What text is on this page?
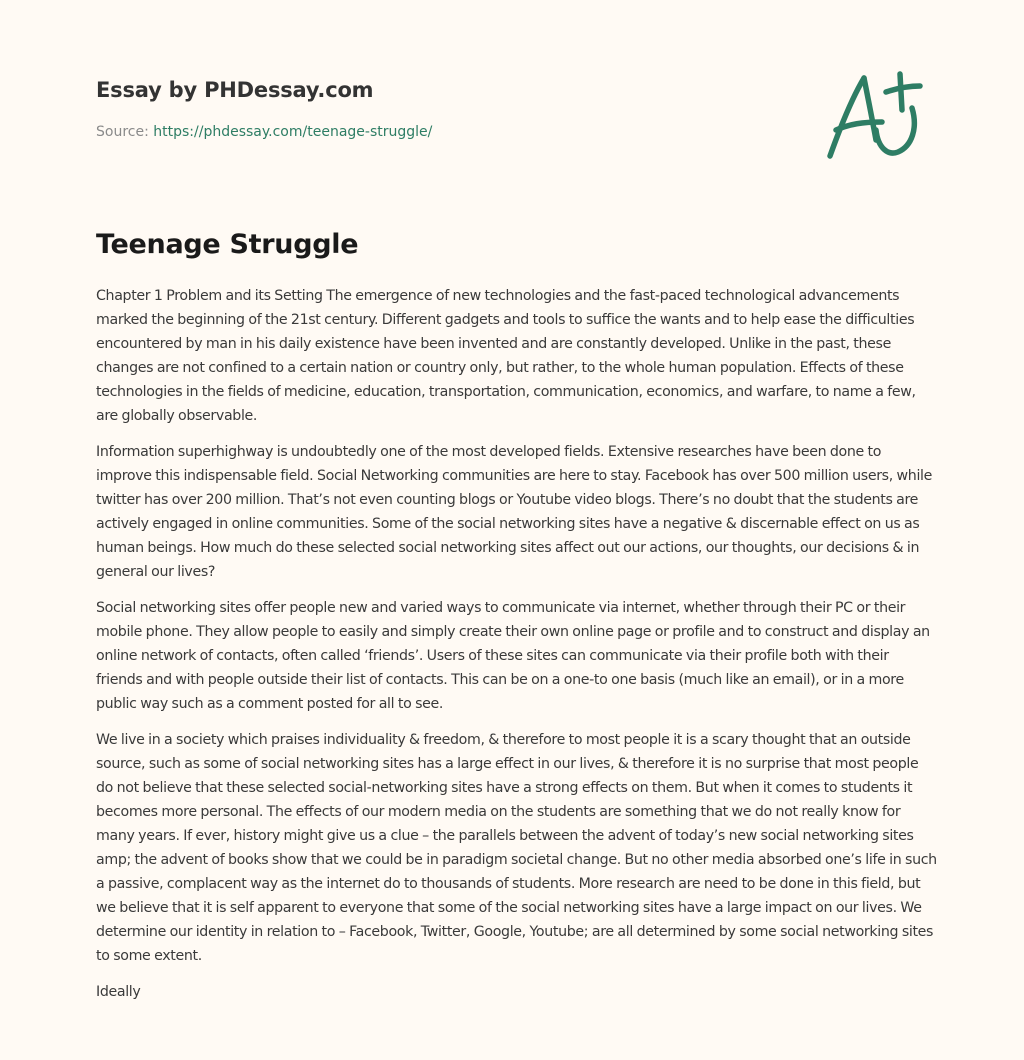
Essay by PHDessay.com
Source: https://phdessay.com/teenage-struggle/
Teenage Struggle

Chapter 1 Problem and its Setting The emergence of new technologies and the fast-paced technological advancements marked the beginning of the 21st century. Different gadgets and tools to suffice the wants and to help ease the difficulties encountered by man in his daily existence have been invented and are constantly developed. Unlike in the past, these changes are not confined to a certain nation or country only, but rather, to the whole human population. Effects of these technologies in the fields of medicine, education, transportation, communication, economics, and warfare, to name a few, are globally observable.

Information superhighway is undoubtedly one of the most developed fields. Extensive researches have been done to improve this indispensable field. Social Networking communities are here to stay. Facebook has over 500 million users, while twitter has over 200 million. That’s not even counting blogs or Youtube video blogs. There’s no doubt that the students are actively engaged in online communities. Some of the social networking sites have a negative & discernable effect on us as human beings. How much do these selected social networking sites affect out our actions, our thoughts, our decisions & in general our lives?

Social networking sites offer people new and varied ways to communicate via internet, whether through their PC or their mobile phone. They allow people to easily and simply create their own online page or profile and to construct and display an online network of contacts, often called ‘friends’. Users of these sites can communicate via their profile both with their friends and with people outside their list of contacts. This can be on a one-to one basis (much like an email), or in a more public way such as a comment posted for all to see.

We live in a society which praises individuality & freedom, & therefore to most people it is a scary thought that an outside source, such as some of social networking sites has a large effect in our lives, & therefore it is no surprise that most people do not believe that these selected social-networking sites have a strong effects on them. But when it comes to students it becomes more personal. The effects of our modern media on the students are something that we do not really know for many years. If ever, history might give us a clue – the parallels between the advent of today’s new social networking sites amp; the advent of books show that we could be in paradigm societal change. But no other media absorbed one’s life in such a passive, complacent way as the internet do to thousands of students. More research are need to be done in this field, but we believe that it is self apparent to everyone that some of the social networking sites have a large impact on our lives. We determine our identity in relation to – Facebook, Twitter, Google, Youtube; are all determined by some social networking sites to some extent.

Ideally
